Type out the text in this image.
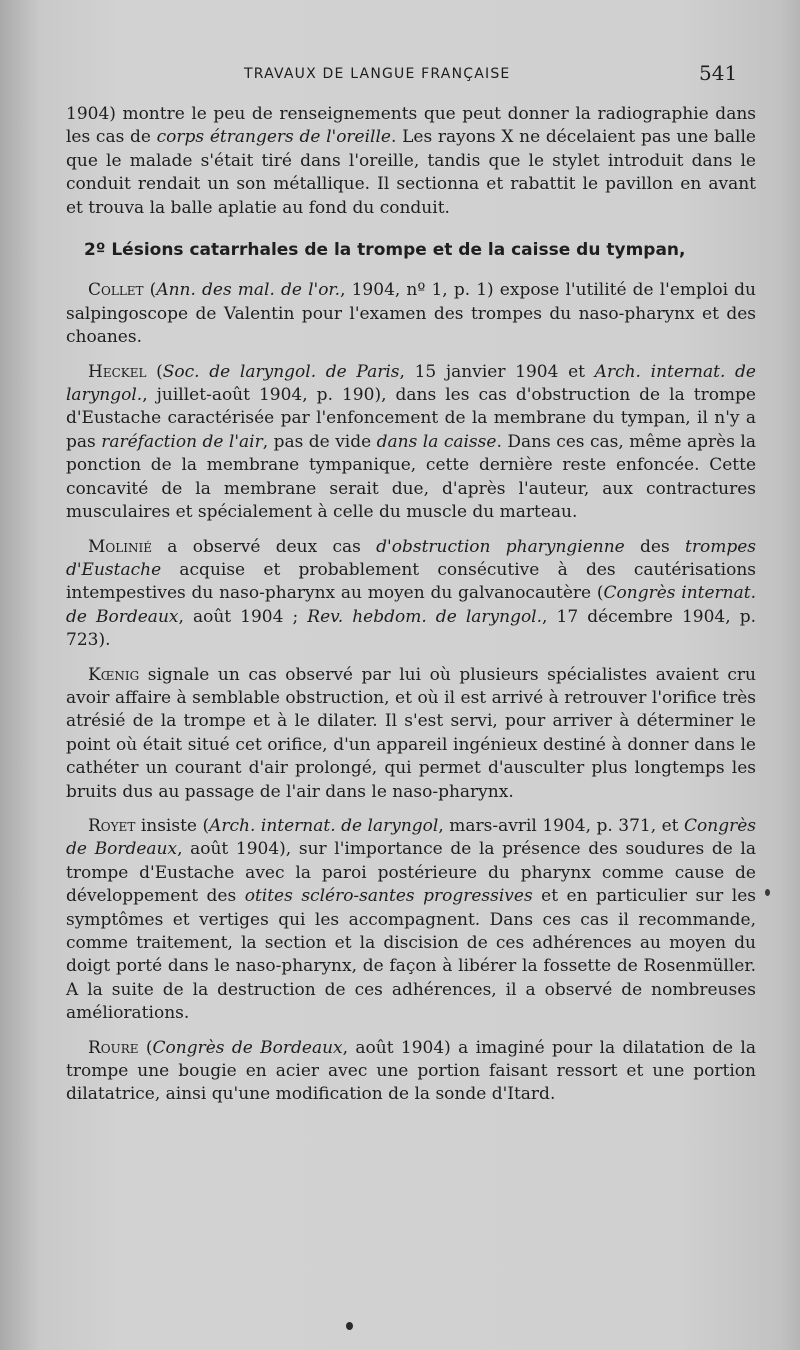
TRAVAUX DE LANGUE FRANÇAISE	541

1904) montre le peu de renseignements que peut donner la radiographie dans les cas de corps étrangers de l'oreille. Les rayons X ne décelaient pas une balle que le malade s'était tiré dans l'oreille, tandis que le stylet introduit dans le conduit rendait un son métallique. Il sectionna et rabattit le pavillon en avant et trouva la balle aplatie au fond du conduit.

2º Lésions catarrhales de la trompe et de la caisse du tympan,

Collet (Ann. des mal. de l'or., 1904, nº 1, p. 1) expose l'utilité de l'emploi du salpingoscope de Valentin pour l'examen des trompes du naso-pharynx et des choanes.

Heckel (Soc. de laryngol. de Paris, 15 janvier 1904 et Arch. internat. de laryngol., juillet-août 1904, p. 190), dans les cas d'obstruction de la trompe d'Eustache caractérisée par l'enfoncement de la membrane du tympan, il n'y a pas raréfaction de l'air, pas de vide dans la caisse. Dans ces cas, même après la ponction de la membrane tympanique, cette dernière reste enfoncée. Cette concavité de la membrane serait due, d'après l'auteur, aux contractures musculaires et spécialement à celle du muscle du marteau.

Molinié a observé deux cas d'obstruction pharyngienne des trompes d'Eustache acquise et probablement consécutive à des cautérisations intempestives du naso-pharynx au moyen du galvanocautère (Congrès internat. de Bordeaux, août 1904 ; Rev. hebdom. de laryngol., 17 décembre 1904, p. 723).

Kœnig signale un cas observé par lui où plusieurs spécialistes avaient cru avoir affaire à semblable obstruction, et où il est arrivé à retrouver l'orifice très atrésié de la trompe et à le dilater. Il s'est servi, pour arriver à déterminer le point où était situé cet orifice, d'un appareil ingénieux destiné à donner dans le cathéter un courant d'air prolongé, qui permet d'ausculter plus longtemps les bruits dus au passage de l'air dans le naso-pharynx.

Royet insiste (Arch. internat. de laryngol, mars-avril 1904, p. 371, et Congrès de Bordeaux, août 1904), sur l'importance de la présence des soudures de la trompe d'Eustache avec la paroi postérieure du pharynx comme cause de développement des otites scléro-santes progressives et en particulier sur les symptômes et vertiges qui les accompagnent. Dans ces cas il recommande, comme traitement, la section et la discision de ces adhérences au moyen du doigt porté dans le naso-pharynx, de façon à libérer la fossette de Rosenmüller. A la suite de la destruction de ces adhérences, il a observé de nombreuses améliorations.

Roure (Congrès de Bordeaux, août 1904) a imaginé pour la dilatation de la trompe une bougie en acier avec une portion faisant ressort et une portion dilatatrice, ainsi qu'une modification de la sonde d'Itard.
